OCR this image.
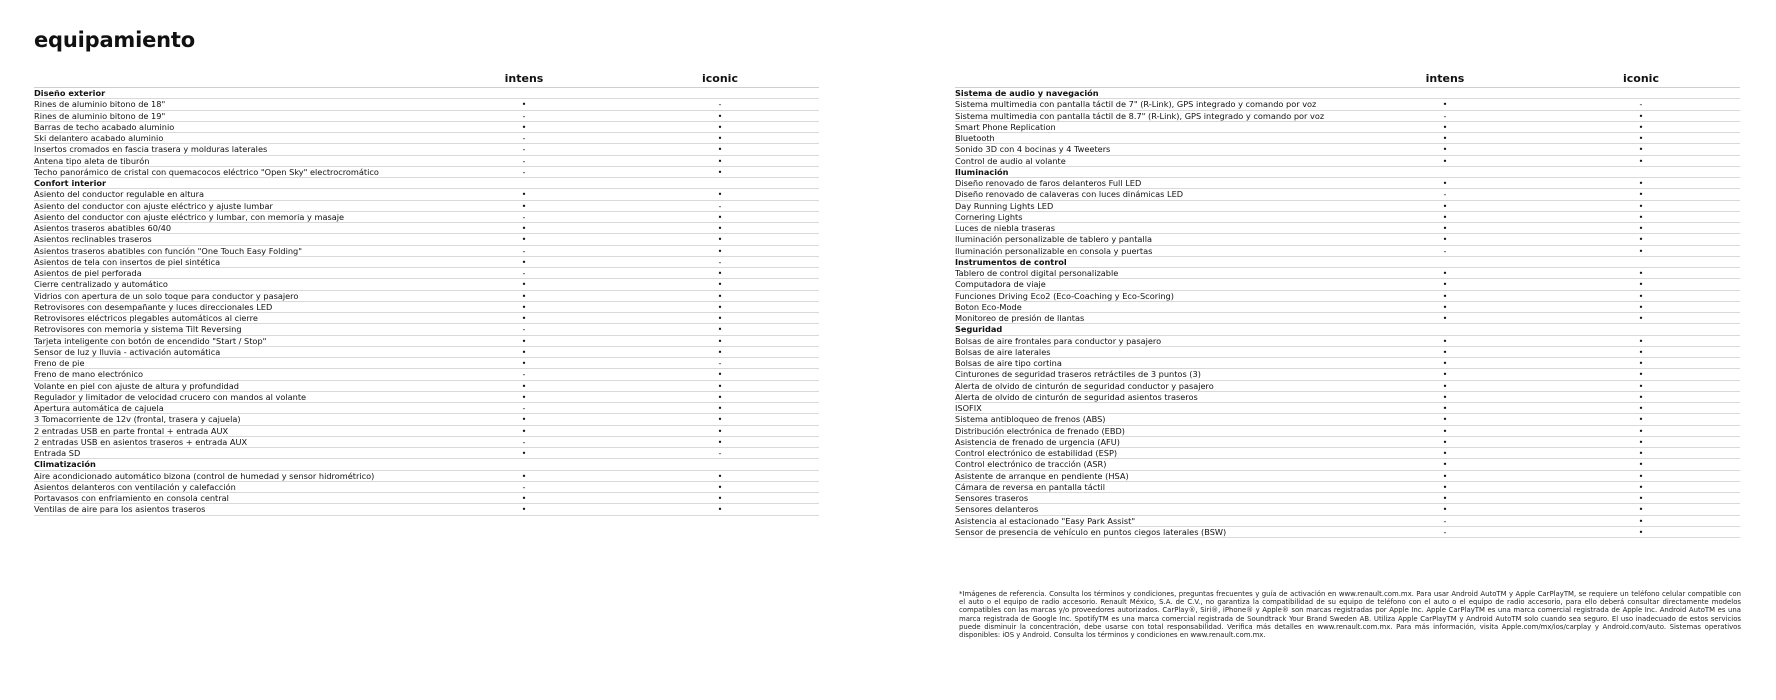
equipamiento
intens	iconic
Diseño exterior
Rines de aluminio bitono de 18"	•	-
Rines de aluminio bitono de 19"	-	•
Barras de techo acabado aluminio	•	•
Ski delantero acabado aluminio	-	•
Insertos cromados en fascia trasera y molduras laterales	-	•
Antena tipo aleta de tiburón	-	•
Techo panorámico de cristal con quemacocos eléctrico "Open Sky" electrocromático	-	•
Confort interior
Asiento del conductor regulable en altura	•	•
Asiento del conductor con ajuste eléctrico y ajuste lumbar	•	-
Asiento del conductor con ajuste eléctrico y lumbar, con memoria y masaje	-	•
Asientos traseros abatibles 60/40	•	•
Asientos reclinables traseros	•	•
Asientos traseros abatibles con función "One Touch Easy Folding"	-	•
Asientos de tela con insertos de piel sintética	•	-
Asientos de piel perforada	-	•
Cierre centralizado y automático	•	•
Vidrios con apertura de un solo toque para conductor y pasajero	•	•
Retrovisores con desempañante y luces direccionales LED	•	•
Retrovisores eléctricos plegables automáticos al cierre	•	•
Retrovisores con memoria y sistema Tilt Reversing	-	•
Tarjeta inteligente con botón de encendido "Start / Stop"	•	•
Sensor de luz y lluvia - activación automática	•	•
Freno de pie	•	-
Freno de mano electrónico	-	•
Volante en piel con ajuste de altura y profundidad	•	•
Regulador y limitador de velocidad crucero con mandos al volante	•	•
Apertura automática de cajuela	-	•
3 Tomacorriente de 12v (frontal, trasera y cajuela)	•	•
2 entradas USB en parte frontal + entrada AUX	•	•
2 entradas USB en asientos traseros + entrada AUX	-	•
Entrada SD	•	-
Climatización
Aire acondicionado automático bizona (control de humedad y sensor hidrométrico)	•	•
Asientos delanteros con ventilación y calefacción	-	•
Portavasos con enfriamiento en consola central	•	•
Ventilas de aire para los asientos traseros	•	•
intens	iconic
Sistema de audio y navegación
Sistema multimedia con pantalla táctil de 7" (R-Link), GPS integrado y comando por voz	•	-
Sistema multimedia con pantalla táctil de 8.7" (R-Link), GPS integrado y comando por voz	-	•
Smart Phone Replication	•	•
Bluetooth	•	•
Sonido 3D con 4 bocinas y 4 Tweeters	•	•
Control de audio al volante	•	•
Iluminación
Diseño renovado de faros delanteros Full LED	•	•
Diseño renovado de calaveras con luces dinámicas LED	-	•
Day Running Lights LED	•	•
Cornering Lights	•	•
Luces de niebla traseras	•	•
Iluminación personalizable de tablero y pantalla	•	•
Iluminación personalizable en consola y puertas	-	•
Instrumentos de control
Tablero de control digital personalizable	•	•
Computadora de viaje	•	•
Funciones Driving Eco2 (Eco-Coaching y Eco-Scoring)	•	•
Boton Eco-Mode	•	•
Monitoreo de presión de llantas	•	•
Seguridad
Bolsas de aire frontales para conductor y pasajero	•	•
Bolsas de aire laterales	•	•
Bolsas de aire tipo cortina	•	•
Cinturones de seguridad traseros retráctiles de 3 puntos (3)	•	•
Alerta de olvido de cinturón de seguridad conductor y pasajero	•	•
Alerta de olvido de cinturón de seguridad asientos traseros	•	•
ISOFIX	•	•
Sistema antibloqueo de frenos (ABS)	•	•
Distribución electrónica de frenado (EBD)	•	•
Asistencia de frenado de urgencia (AFU)	•	•
Control electrónico de estabilidad (ESP)	•	•
Control electrónico de tracción (ASR)	•	•
Asistente de arranque en pendiente (HSA)	•	•
Cámara de reversa en pantalla táctil	•	•
Sensores traseros	•	•
Sensores delanteros	•	•
Asistencia al estacionado "Easy Park Assist"	-	•
Sensor de presencia de vehículo en puntos ciegos laterales (BSW)	-	•

*Imágenes de referencia. Consulta los términos y condiciones, preguntas frecuentes y guía de activación en www.renault.com.mx. Para usar Android AutoTM y Apple CarPlayTM, se requiere un teléfono celular compatible con el auto o el equipo de radio accesorio. Renault México, S.A. de C.V., no garantiza la compatibilidad de su equipo de teléfono con el auto o el equipo de radio accesorio, para ello deberá consultar directamente modelos compatibles con las marcas y/o proveedores autorizados. CarPlay®, Siri®, iPhone® y Apple® son marcas registradas por Apple Inc. Apple CarPlayTM es una marca comercial registrada de Apple Inc. Android AutoTM es una marca registrada de Google Inc. SpotifyTM es una marca comercial registrada de Soundtrack Your Brand Sweden AB. Utiliza Apple CarPlayTM y Android AutoTM solo cuando sea seguro. El uso inadecuado de estos servicios puede disminuir la concentración, debe usarse con total responsabilidad. Verifica más detalles en www.renault.com.mx. Para más información, visita Apple.com/mx/ios/carplay y Android.com/auto. Sistemas operativos disponibles: iOS y Android. Consulta los términos y condiciones en www.renault.com.mx.
